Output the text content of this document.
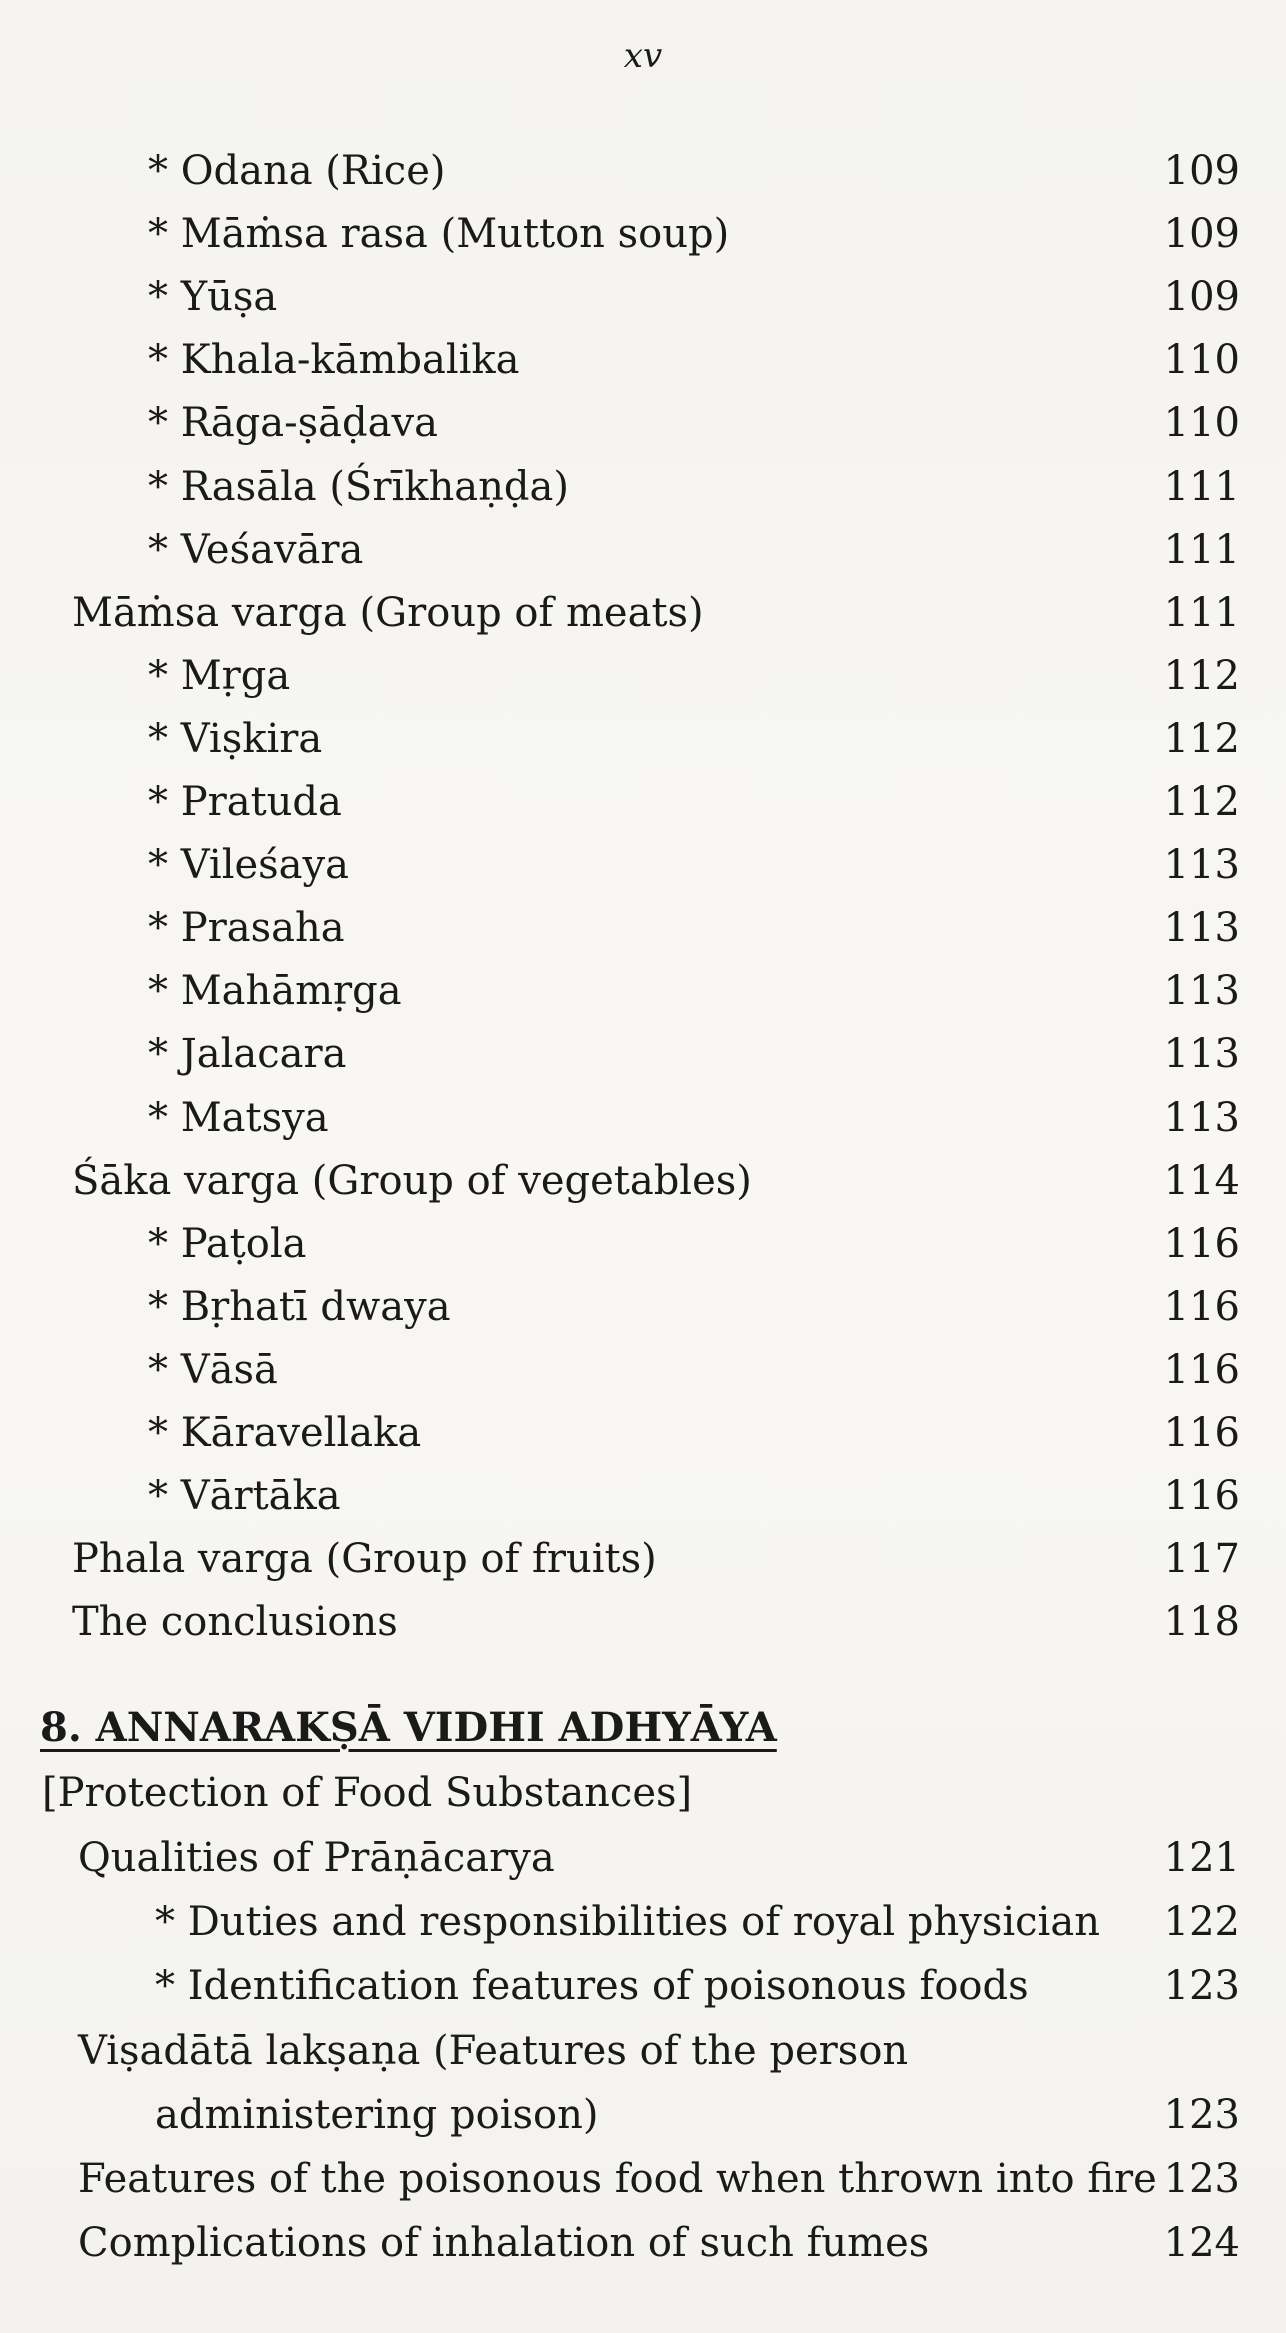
xv
* Odana (Rice)	109
* Māṁsa rasa (Mutton soup)	109
* Yūṣa	109
* Khala-kāmbalika	110
* Rāga-ṣāḍava	110
* Rasāla (Śrīkhaṇḍa)	111
* Veśavāra	111
Māṁsa varga (Group of meats)	111
* Mṛga	112
* Viṣkira	112
* Pratuda	112
* Vileśaya	113
* Prasaha	113
* Mahāmṛga	113
* Jalacara	113
* Matsya	113
Śāka varga (Group of vegetables)	114
* Paṭola	116
* Bṛhatī dwaya	116
* Vāsā	116
* Kāravellaka	116
* Vārtāka	116
Phala varga (Group of fruits)	117
The conclusions	118
8. ANNARAKṢĀ VIDHI ADHYĀYA
[Protection of Food Substances]
Qualities of Prāṇācarya	121
* Duties and responsibilities of royal physician 122
* Identification features of poisonous foods	123
Viṣadātā lakṣaṇa (Features of the person
administering poison)	123
Features of the poisonous food when thrown into fire 123
Complications of inhalation of such fumes	124
